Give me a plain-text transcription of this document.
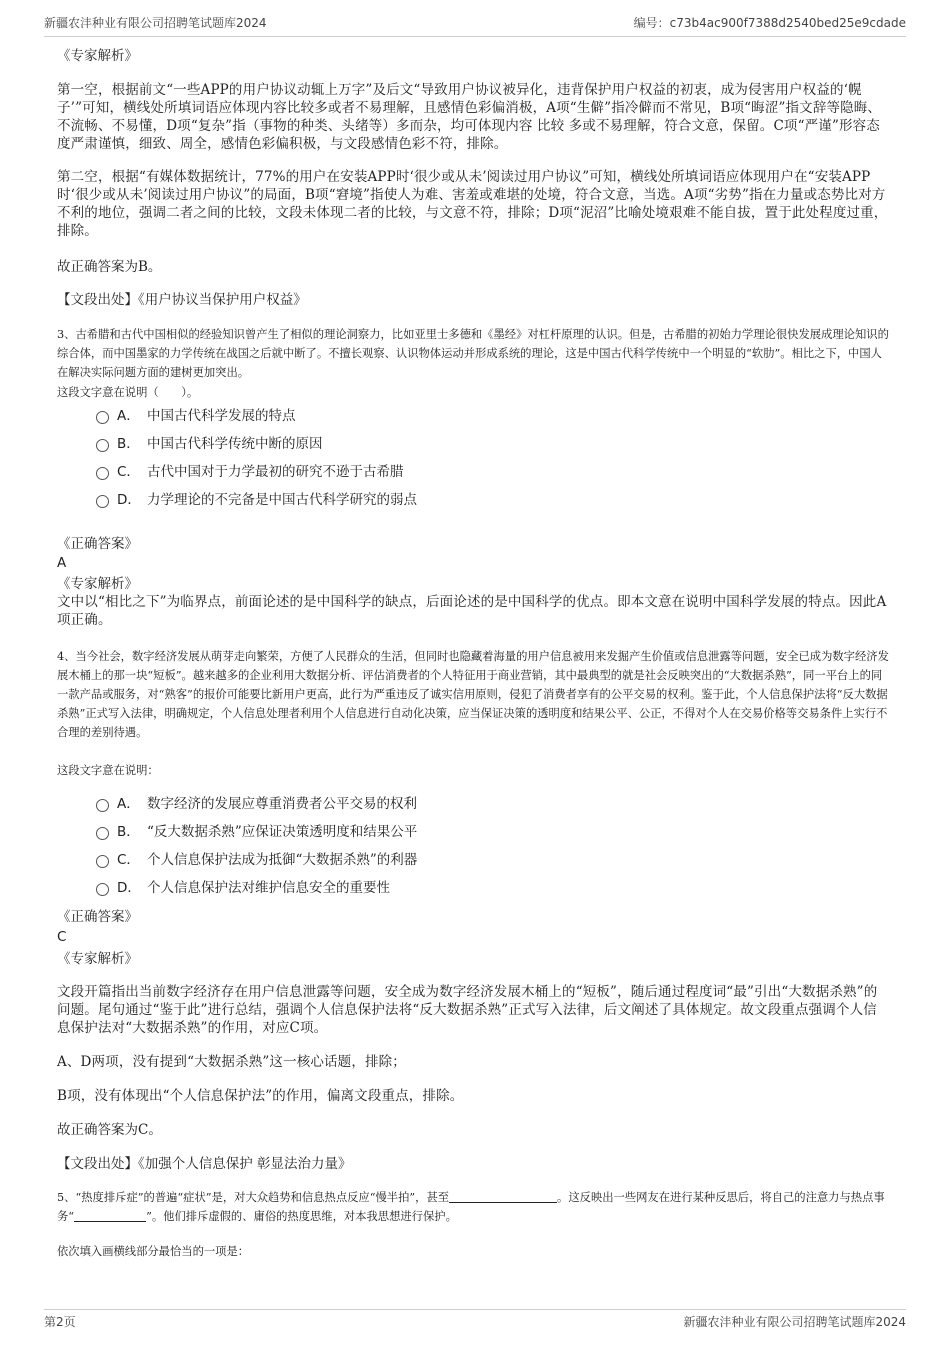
新疆农沣种业有限公司招聘笔试题库2024	编号：c73b4ac900f7388d2540bed25e9cdade
《专家解析》

第一空，根据前文“一些APP的用户协议动辄上万字”及后文“导致用户协议被异化，违背保护用户权益的初衷，成为侵害用户权益的‘幌子’”可知，横线处所填词语应体现内容比较多或者不易理解，且感情色彩偏消极，A项“生僻”指冷僻而不常见，B项“晦涩”指文辞等隐晦、不流畅、不易懂，D项“复杂”指（事物的种类、头绪等）多而杂，均可体现内容 比较 多或不易理解，符合文意，保留。C项“严谨”形容态度严肃谨慎，细致、周全，感情色彩偏积极，与文段感情色彩不符，排除。

第二空，根据“有媒体数据统计，77%的用户在安装APP时‘很少或从未’阅读过用户协议”可知，横线处所填词语应体现用户在“安装APP时‘很少或从未’阅读过用户协议”的局面，B项“窘境”指使人为难、害羞或难堪的处境，符合文意，当选。A项“劣势”指在力量或态势比对方不利的地位，强调二者之间的比较，文段未体现二者的比较，与文意不符，排除；D项“泥沼”比喻处境艰难不能自拔，置于此处程度过重，排除。

故正确答案为B。
【文段出处】《用户协议当保护用户权益》

3、古希腊和古代中国相似的经验知识曾产生了相似的理论洞察力，比如亚里士多德和《墨经》对杠杆原理的认识。但是，古希腊的初始力学理论很快发展成理论知识的综合体，而中国墨家的力学传统在战国之后就中断了。不擅长观察、认识物体运动并形成系统的理论，这是中国古代科学传统中一个明显的“软肋”。相比之下，中国人在解决实际问题方面的建树更加突出。

这段文字意在说明（　　）。
A． 中国古代科学发展的特点
B． 中国古代科学传统中断的原因
C． 古代中国对于力学最初的研究不逊于古希腊
D． 力学理论的不完备是中国古代科学研究的弱点
《正确答案》
A
《专家解析》

文中以“相比之下”为临界点，前面论述的是中国科学的缺点，后面论述的是中国科学的优点。即本文意在说明中国科学发展的特点。因此A项正确。

4、当今社会，数字经济发展从萌芽走向繁荣，方便了人民群众的生活，但同时也隐藏着海量的用户信息被用来发掘产生价值或信息泄露等问题，安全已成为数字经济发展木桶上的那一块“短板”。越来越多的企业利用大数据分析、评估消费者的个人特征用于商业营销，其中最典型的就是社会反映突出的“大数据杀熟”，同一平台上的同一款产品或服务，对“熟客”的报价可能要比新用户更高，此行为严重违反了诚实信用原则，侵犯了消费者享有的公平交易的权利。鉴于此，个人信息保护法将“反大数据杀熟”正式写入法律，明确规定，个人信息处理者利用个人信息进行自动化决策，应当保证决策的透明度和结果公平、公正，不得对个人在交易价格等交易条件上实行不合理的差别待遇。

这段文字意在说明：
A． 数字经济的发展应尊重消费者公平交易的权利
B． “反大数据杀熟”应保证决策透明度和结果公平
C． 个人信息保护法成为抵御“大数据杀熟”的利器
D． 个人信息保护法对维护信息安全的重要性
《正确答案》
C
《专家解析》

文段开篇指出当前数字经济存在用户信息泄露等问题，安全成为数字经济发展木桶上的“短板”，随后通过程度词“最”引出“大数据杀熟”的问题。尾句通过“鉴于此”进行总结，强调个人信息保护法将“反大数据杀熟”正式写入法律，后文阐述了具体规定。故文段重点强调个人信息保护法对“大数据杀熟”的作用，对应C项。

A、D两项，没有提到“大数据杀熟”这一核心话题，排除；
B项，没有体现出“个人信息保护法”的作用，偏离文段重点，排除。
故正确答案为C。
【文段出处】《加强个人信息保护 彰显法治力量》

5、“热度排斥症”的普遍“症状”是，对大众趋势和信息热点反应“慢半拍”，甚至	。这反映出一些网友在进行某种反思后，将自己的注意力与热点事务“	”。他们排斥虚假的、庸俗的热度思维，对本我思想进行保护。

依次填入画横线部分最恰当的一项是：
第2页	新疆农沣种业有限公司招聘笔试题库2024
